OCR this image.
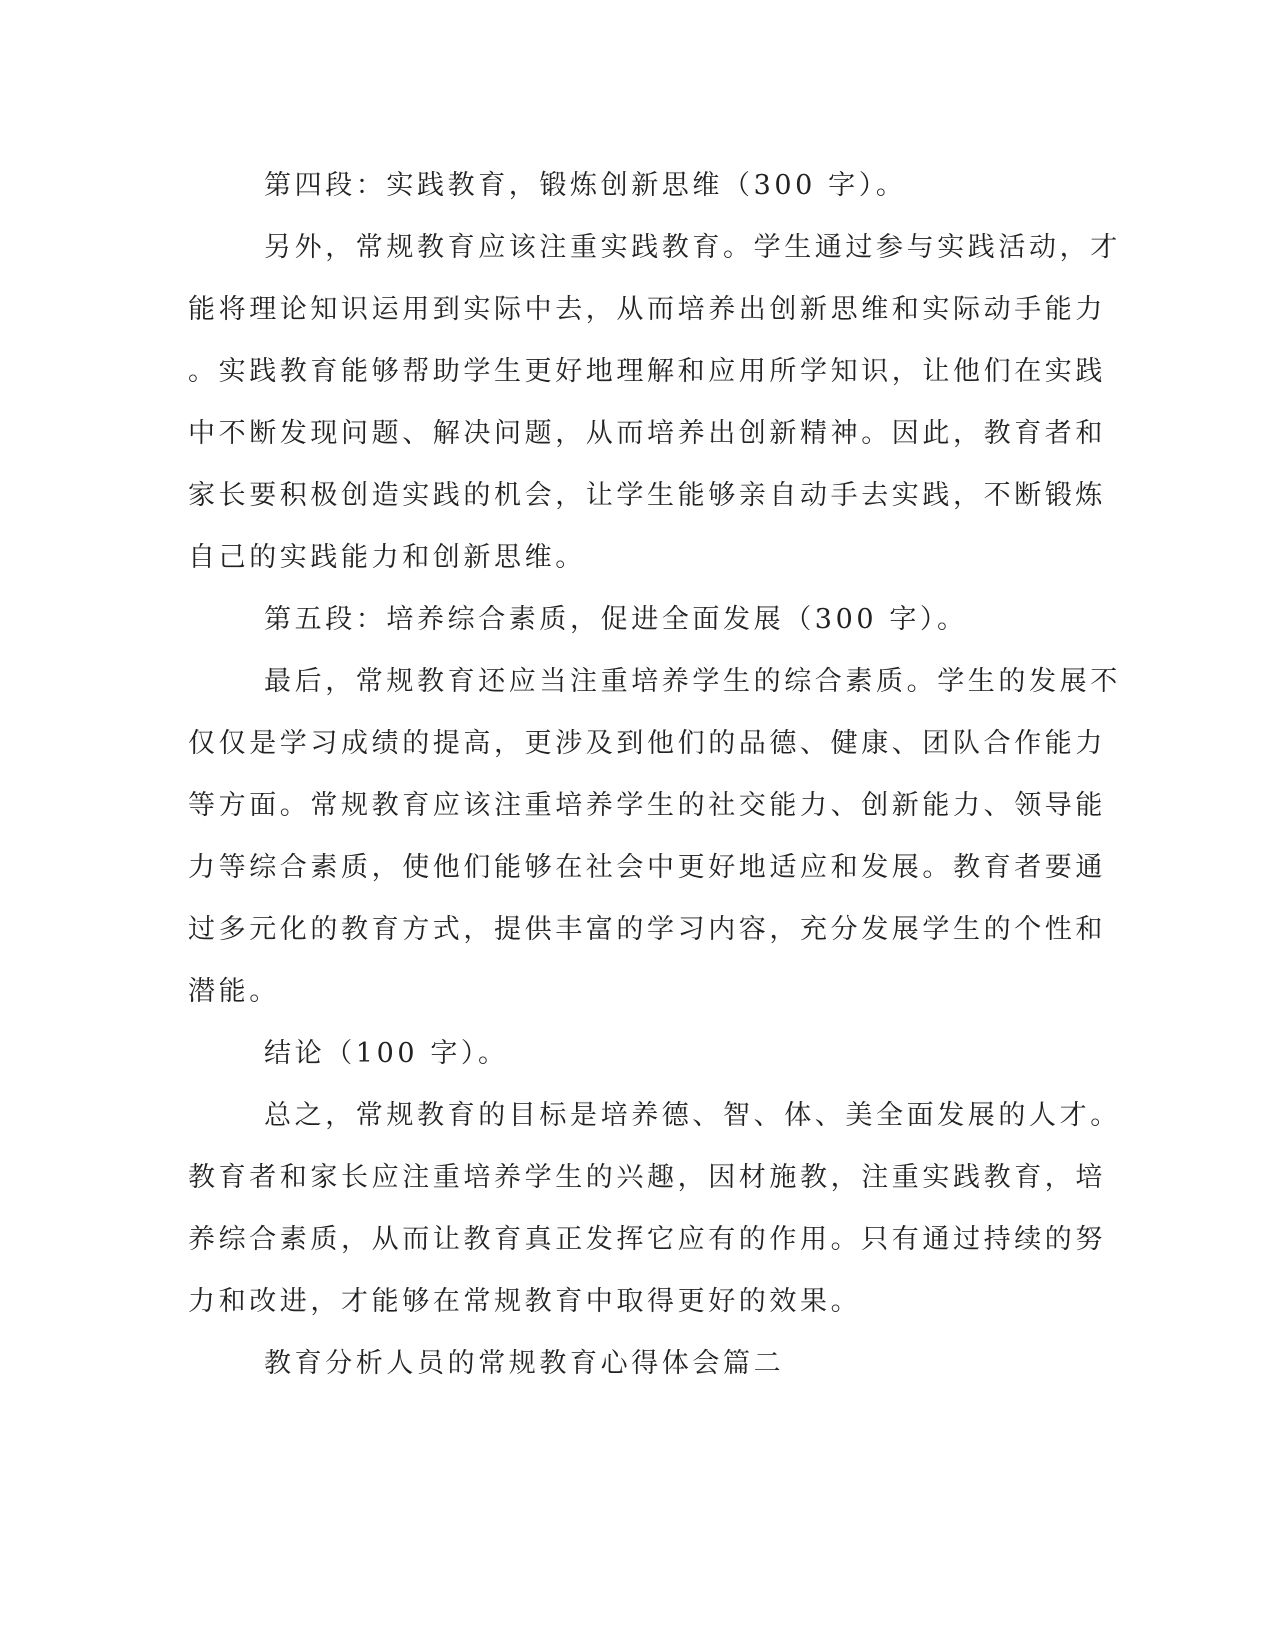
第四段：实践教育，锻炼创新思维（300 字）。
另外，常规教育应该注重实践教育。学生通过参与实践活动，才
能将理论知识运用到实际中去，从而培养出创新思维和实际动手能力
。实践教育能够帮助学生更好地理解和应用所学知识，让他们在实践
中不断发现问题、解决问题，从而培养出创新精神。因此，教育者和
家长要积极创造实践的机会，让学生能够亲自动手去实践，不断锻炼
自己的实践能力和创新思维。
第五段：培养综合素质，促进全面发展（300 字）。
最后，常规教育还应当注重培养学生的综合素质。学生的发展不
仅仅是学习成绩的提高，更涉及到他们的品德、健康、团队合作能力
等方面。常规教育应该注重培养学生的社交能力、创新能力、领导能
力等综合素质，使他们能够在社会中更好地适应和发展。教育者要通
过多元化的教育方式，提供丰富的学习内容，充分发展学生的个性和
潜能。
结论（100 字）。
总之，常规教育的目标是培养德、智、体、美全面发展的人才。
教育者和家长应注重培养学生的兴趣，因材施教，注重实践教育，培
养综合素质，从而让教育真正发挥它应有的作用。只有通过持续的努
力和改进，才能够在常规教育中取得更好的效果。
教育分析人员的常规教育心得体会篇二
